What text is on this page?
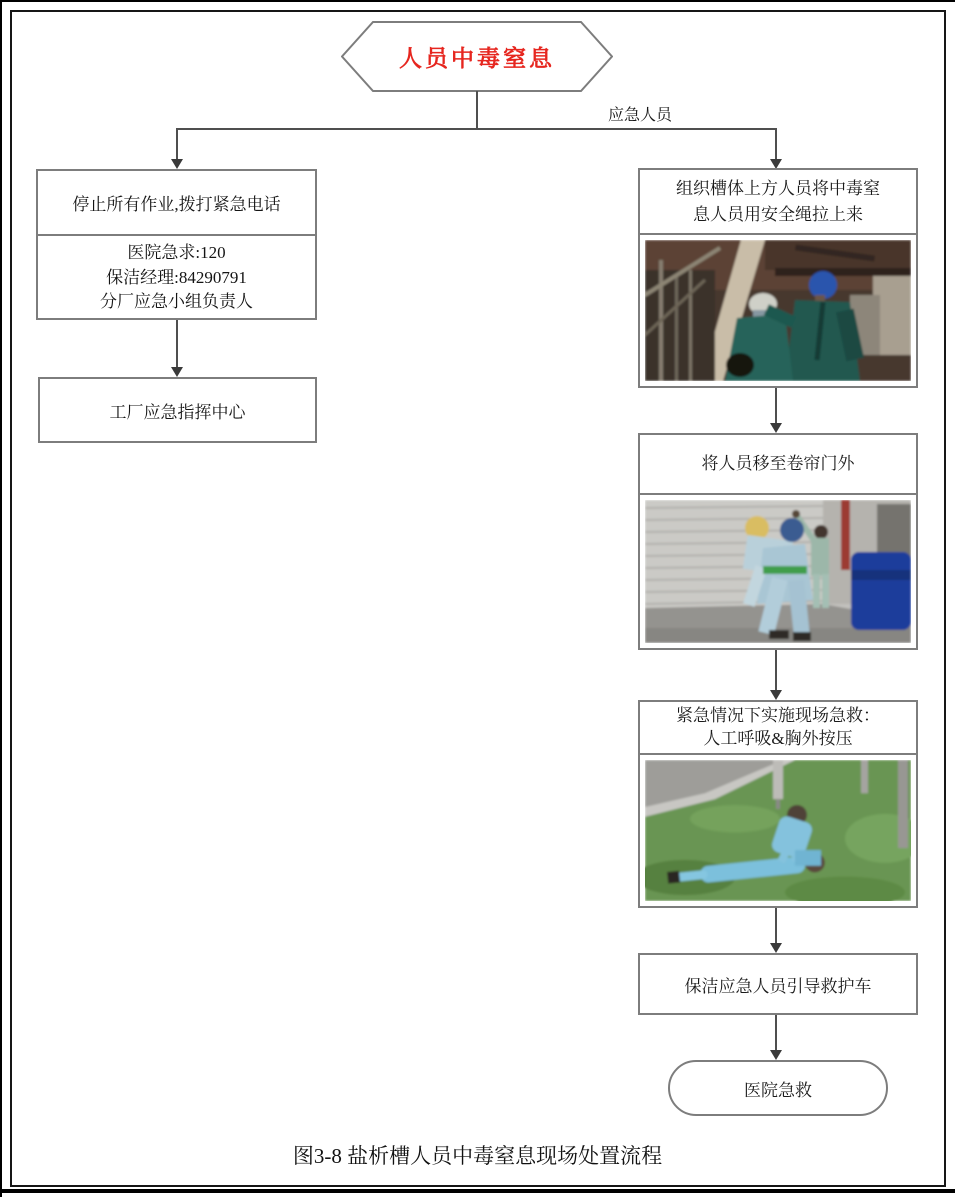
人员中毒窒息
应急人员
停止所有作业,拨打紧急电话
医院急求:120
保洁经理:84290791
分厂应急小组负责人
工厂应急指挥中心
组织槽体上方人员将中毒窒
息人员用安全绳拉上来
将人员移至卷帘门外
紧急情况下实施现场急救：
人工呼吸&胸外按压
保洁应急人员引导救护车
医院急救
图3-8 盐析槽人员中毒窒息现场处置流程
